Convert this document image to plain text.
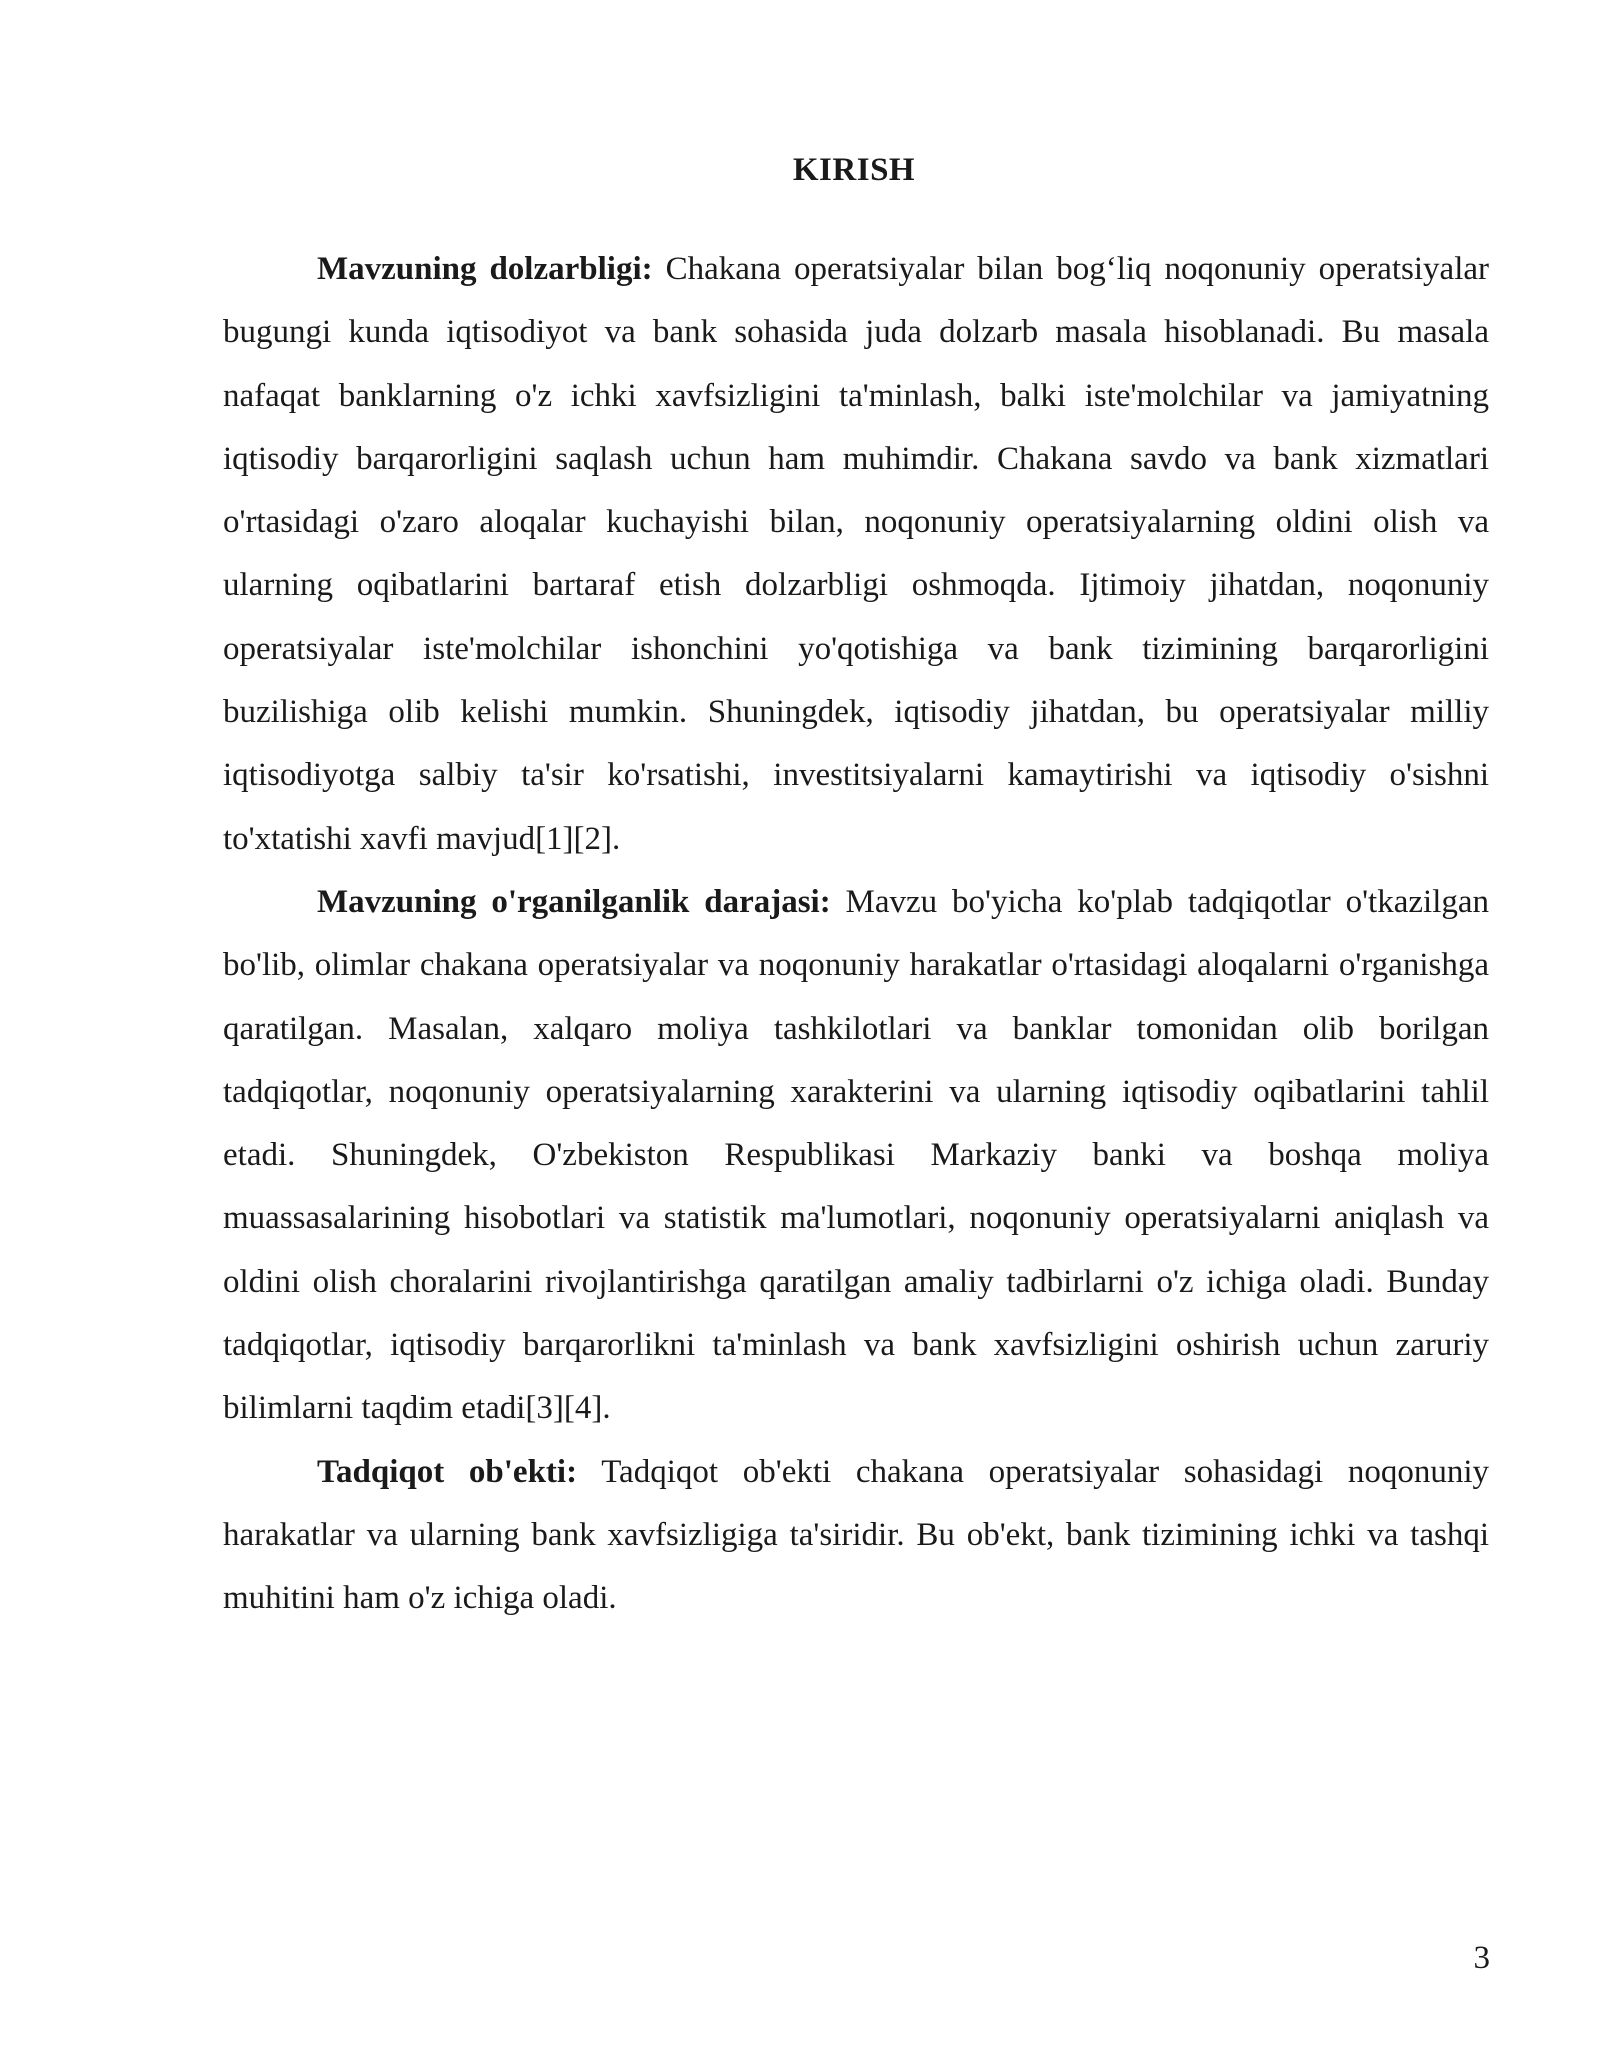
KIRISH

Mavzuning dolzarbligi: Chakana operatsiyalar bilan bog‘liq noqonuniy operatsiyalar bugungi kunda iqtisodiyot va bank sohasida juda dolzarb masala hisoblanadi. Bu masala nafaqat banklarning o'z ichki xavfsizligini ta'minlash, balki iste'molchilar va jamiyatning iqtisodiy barqarorligini saqlash uchun ham muhimdir. Chakana savdo va bank xizmatlari o'rtasidagi o'zaro aloqalar kuchayishi bilan, noqonuniy operatsiyalarning oldini olish va ularning oqibatlarini bartaraf etish dolzarbligi oshmoqda. Ijtimoiy jihatdan, noqonuniy operatsiyalar iste'molchilar ishonchini yo'qotishiga va bank tizimining barqarorligini buzilishiga olib kelishi mumkin. Shuningdek, iqtisodiy jihatdan, bu operatsiyalar milliy iqtisodiyotga salbiy ta'sir ko'rsatishi, investitsiyalarni kamaytirishi va iqtisodiy o'sishni to'xtatishi xavfi mavjud[1][2].

Mavzuning o'rganilganlik darajasi: Mavzu bo'yicha ko'plab tadqiqotlar o'tkazilgan bo'lib, olimlar chakana operatsiyalar va noqonuniy harakatlar o'rtasidagi aloqalarni o'rganishga qaratilgan. Masalan, xalqaro moliya tashkilotlari va banklar tomonidan olib borilgan tadqiqotlar, noqonuniy operatsiyalarning xarakterini va ularning iqtisodiy oqibatlarini tahlil etadi. Shuningdek, O'zbekiston Respublikasi Markaziy banki va boshqa moliya muassasalarining hisobotlari va statistik ma'lumotlari, noqonuniy operatsiyalarni aniqlash va oldini olish choralarini rivojlantirishga qaratilgan amaliy tadbirlarni o'z ichiga oladi. Bunday tadqiqotlar, iqtisodiy barqarorlikni ta'minlash va bank xavfsizligini oshirish uchun zaruriy bilimlarni taqdim etadi[3][4].

Tadqiqot ob'ekti: Tadqiqot ob'ekti chakana operatsiyalar sohasidagi noqonuniy harakatlar va ularning bank xavfsizligiga ta'siridir. Bu ob'ekt, bank tizimining ichki va tashqi muhitini ham o'z ichiga oladi.

3
